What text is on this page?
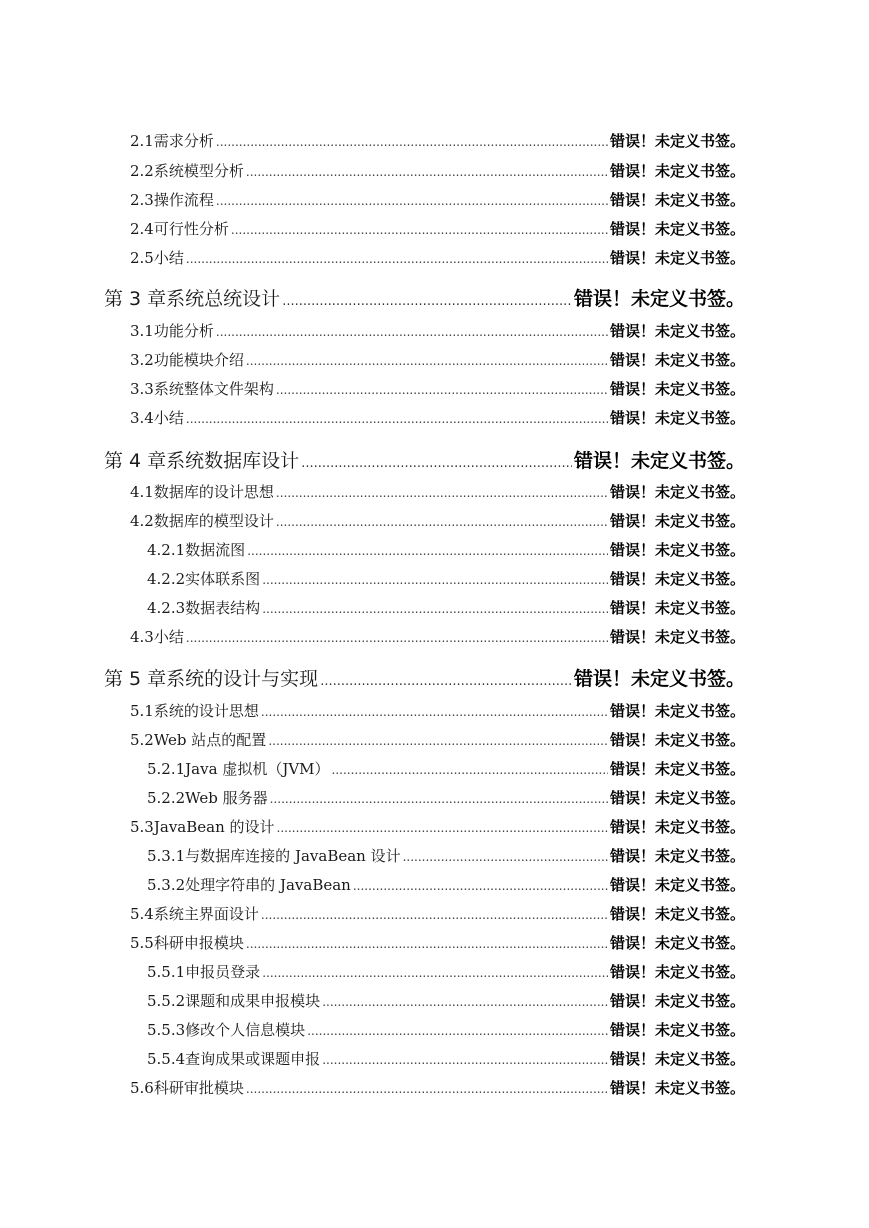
2.1 需求分析 .....	错误！未定义书签。
2.2 系统模型分析 .....	错误！未定义书签。
2.3 操作流程 .....	错误！未定义书签。
2.4 可行性分析 .....	错误！未定义书签。
2.5 小结 .....	错误！未定义书签。
第 3 章 系统总统设计 .....	错误！未定义书签。
3.1 功能分析 .....	错误！未定义书签。
3.2 功能模块介绍 .....	错误！未定义书签。
3.3 系统整体文件架构 .....	错误！未定义书签。
3.4 小结 .....	错误！未定义书签。
第 4 章 系统数据库设计 .....	错误！未定义书签。
4.1 数据库的设计思想 .....	错误！未定义书签。
4.2 数据库的模型设计 .....	错误！未定义书签。
4.2.1 数据流图 .....	错误！未定义书签。
4.2.2 实体联系图 .....	错误！未定义书签。
4.2.3 数据表结构 .....	错误！未定义书签。
4.3 小结 .....	错误！未定义书签。
第 5 章 系统的设计与实现 .....	错误！未定义书签。
5.1 系统的设计思想 .....	错误！未定义书签。
5.2 Web 站点的配置 .....	错误！未定义书签。
5.2.1 Java 虚拟机（JVM） .....	错误！未定义书签。
5.2.2 Web 服务器 .....	错误！未定义书签。
5.3 JavaBean 的设计 .....	错误！未定义书签。
5.3.1 与数据库连接的 JavaBean 设计 .....	错误！未定义书签。
5.3.2 处理字符串的 JavaBean .....	错误！未定义书签。
5.4 系统主界面设计 .....	错误！未定义书签。
5.5 科研申报模块 .....	错误！未定义书签。
5.5.1 申报员登录 .....	错误！未定义书签。
5.5.2 课题和成果申报模块 .....	错误！未定义书签。
5.5.3 修改个人信息模块 .....	错误！未定义书签。
5.5.4 查询成果或课题申报 .....	错误！未定义书签。
5.6 科研审批模块 .....	错误！未定义书签。
